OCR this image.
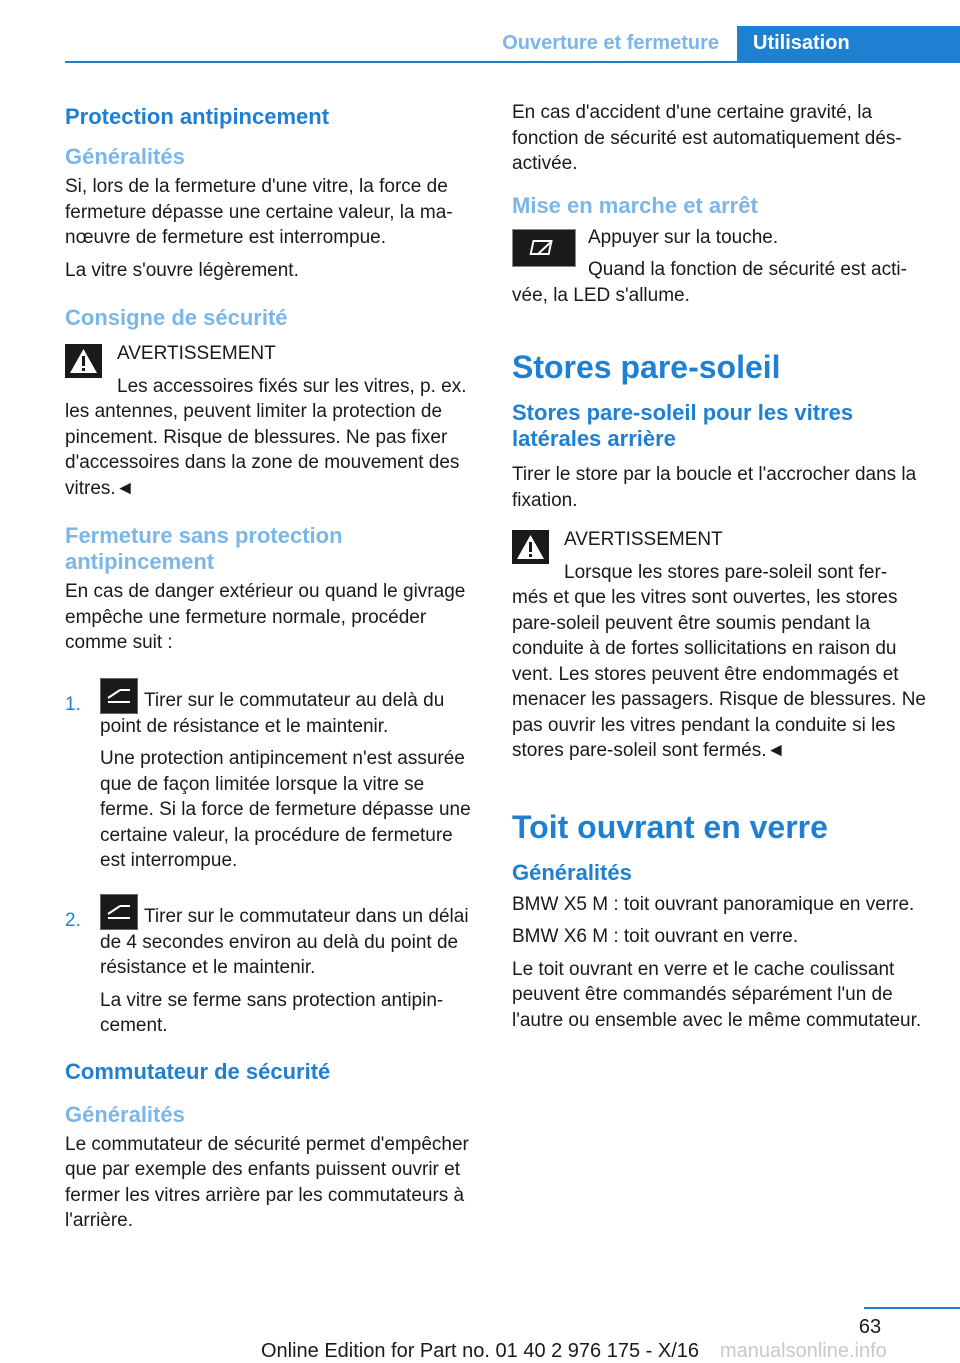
Ouverture et fermeture	Utilisation
Protection antipincement
Généralités

Si, lors de la fermeture d'une vitre, la force de fermeture dépasse une certaine valeur, la manœuvre de fermeture est interrompue.

La vitre s'ouvre légèrement.

Consigne de sécurité

AVERTISSEMENT

Les accessoires fixés sur les vitres, p. ex.

les antennes, peuvent limiter la protection de pincement. Risque de blessures. Ne pas fixer d'accessoires dans la zone de mouvement des vitres.◄

Fermeture sans protection antipincement

En cas de danger extérieur ou quand le givrage empêche une fermeture normale, procéder comme suit :

1.	Tirer sur le commutateur au delà du point de résistance et le maintenir.

Une protection antipincement n'est assurée que de façon limitée lorsque la vitre se ferme. Si la force de fermeture dépasse une certaine valeur, la procédure de fermeture est interrompue.

2.	Tirer sur le commutateur dans un délai de 4 secondes environ au delà du point de résistance et le maintenir.

La vitre se ferme sans protection antipincement.

Commutateur de sécurité
Généralités

Le commutateur de sécurité permet d'empêcher que par exemple des enfants puissent ouvrir et fermer les vitres arrière par les commutateurs à l'arrière.

En cas d'accident d'une certaine gravité, la fonction de sécurité est automatiquement désactivée.

Mise en marche et arrêt

Appuyer sur la touche.

Quand la fonction de sécurité est acti-

vée, la LED s'allume.

Stores pare-soleil
Stores pare-soleil pour les vitres latérales arrière

Tirer le store par la boucle et l'accrocher dans la fixation.

AVERTISSEMENT

Lorsque les stores pare-soleil sont fer-

més et que les vitres sont ouvertes, les stores pare-soleil peuvent être soumis pendant la conduite à de fortes sollicitations en raison du vent. Les stores peuvent être endommagés et menacer les passagers. Risque de blessures. Ne pas ouvrir les vitres pendant la conduite si les stores pare-soleil sont fermés.◄

Toit ouvrant en verre
Généralités

BMW X5 M : toit ouvrant panoramique en verre.

BMW X6 M : toit ouvrant en verre.

Le toit ouvrant en verre et le cache coulissant peuvent être commandés séparément l'un de l'autre ou ensemble avec le même commutateur.

63
Online Edition for Part no. 01 40 2 976 175 - X/16	manualsonline.info
